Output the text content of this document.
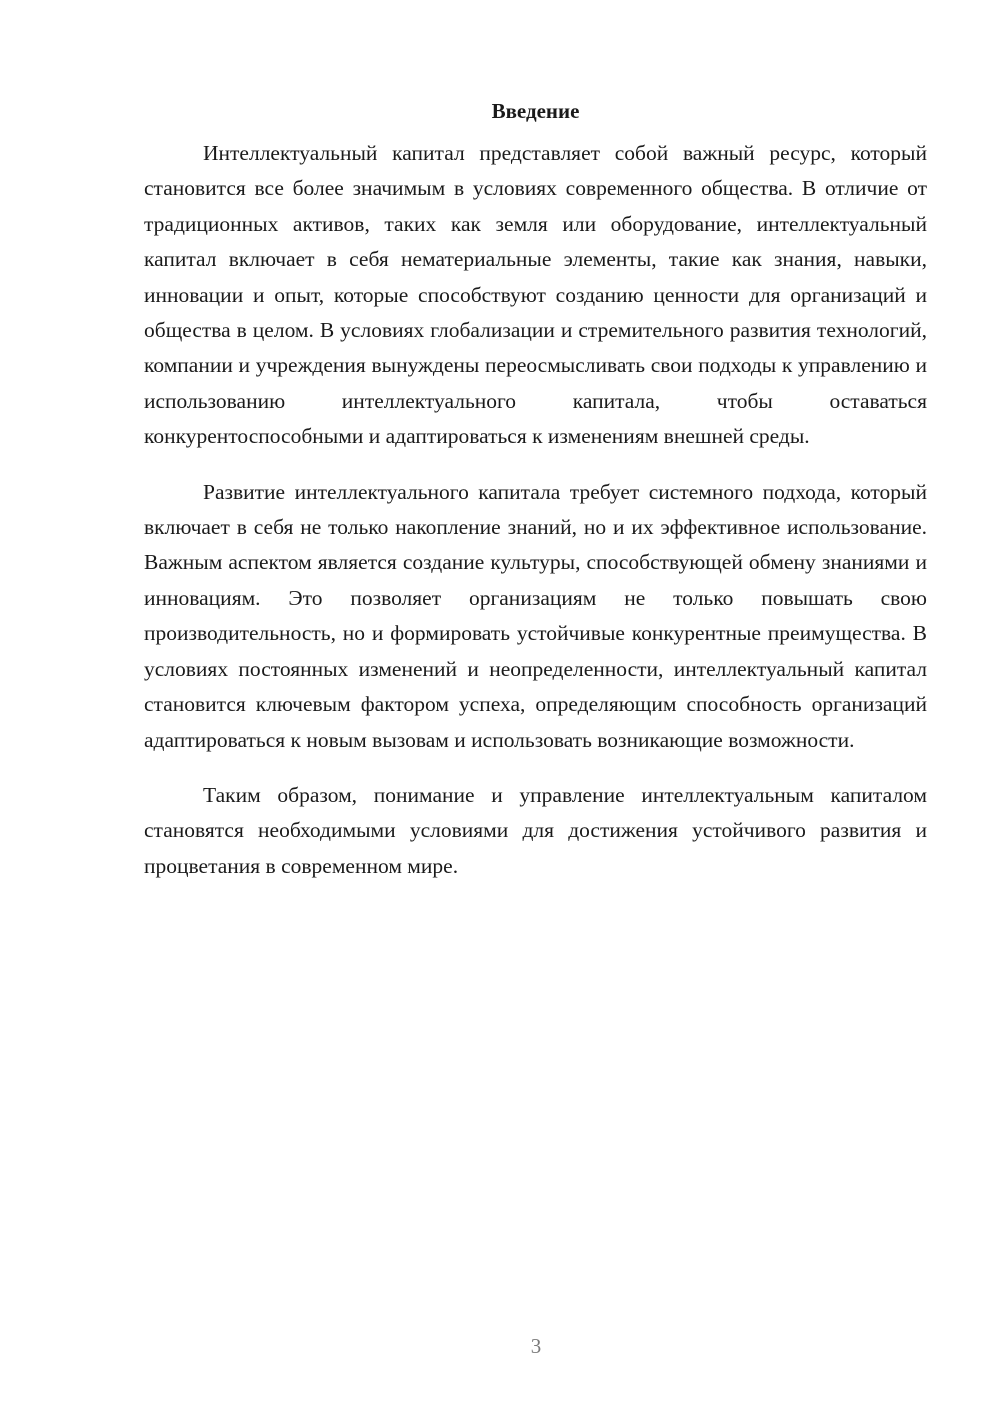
Введение

Интеллектуальный капитал представляет собой важный ресурс, который становится все более значимым в условиях современного общества. В отличие от традиционных активов, таких как земля или оборудование, интеллектуальный капитал включает в себя нематериальные элементы, такие как знания, навыки, инновации и опыт, которые способствуют созданию ценности для организаций и общества в целом. В условиях глобализации и стремительного развития технологий, компании и учреждения вынуждены переосмысливать свои подходы к управлению и использованию интеллектуального капитала, чтобы оставаться конкурентоспособными и адаптироваться к изменениям внешней среды.

Развитие интеллектуального капитала требует системного подхода, который включает в себя не только накопление знаний, но и их эффективное использование. Важным аспектом является создание культуры, способствующей обмену знаниями и инновациям. Это позволяет организациям не только повышать свою производительность, но и формировать устойчивые конкурентные преимущества. В условиях постоянных изменений и неопределенности, интеллектуальный капитал становится ключевым фактором успеха, определяющим способность организаций адаптироваться к новым вызовам и использовать возникающие возможности.

Таким образом, понимание и управление интеллектуальным капиталом становятся необходимыми условиями для достижения устойчивого развития и процветания в современном мире.

3
